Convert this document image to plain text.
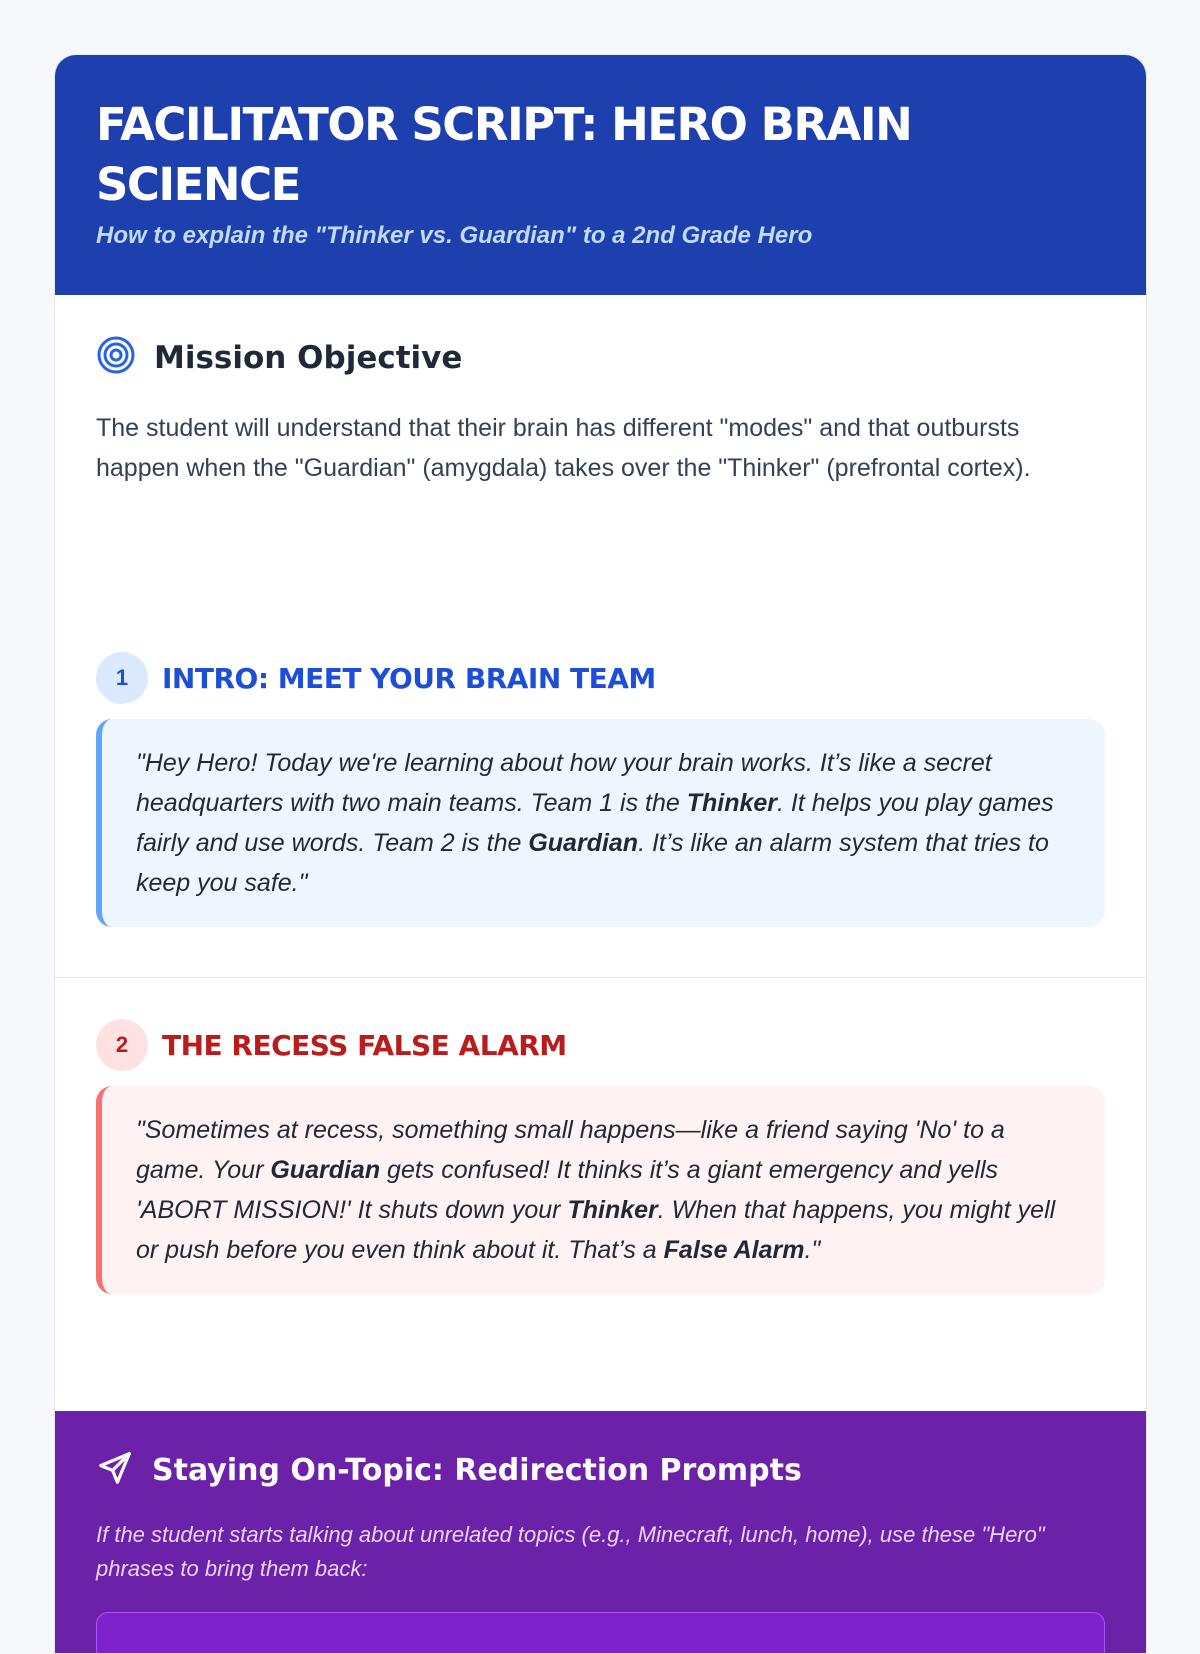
FACILITATOR SCRIPT: HERO BRAIN SCIENCE

How to explain the "Thinker vs. Guardian" to a 2nd Grade Hero

Mission Objective
The student will understand that their brain has different "modes" and that outbursts happen when the "Guardian" (amygdala) takes over the "Thinker" (prefrontal cortex).
1	INTRO: MEET YOUR BRAIN TEAM
"Hey Hero! Today we're learning about how your brain works. It’s like a secret headquarters with two main teams. Team 1 is the Thinker. It helps you play games fairly and use words. Team 2 is the Guardian. It’s like an alarm system that tries to keep you safe."
2	THE RECESS FALSE ALARM
"Sometimes at recess, something small happens—like a friend saying 'No' to a game. Your Guardian gets confused! It thinks it’s a giant emergency and yells 'ABORT MISSION!' It shuts down your Thinker. When that happens, you might yell or push before you even think about it. That’s a False Alarm."
Staying On-Topic: Redirection Prompts
If the student starts talking about unrelated topics (e.g., Minecraft, lunch, home), use these "Hero" phrases to bring them back:
